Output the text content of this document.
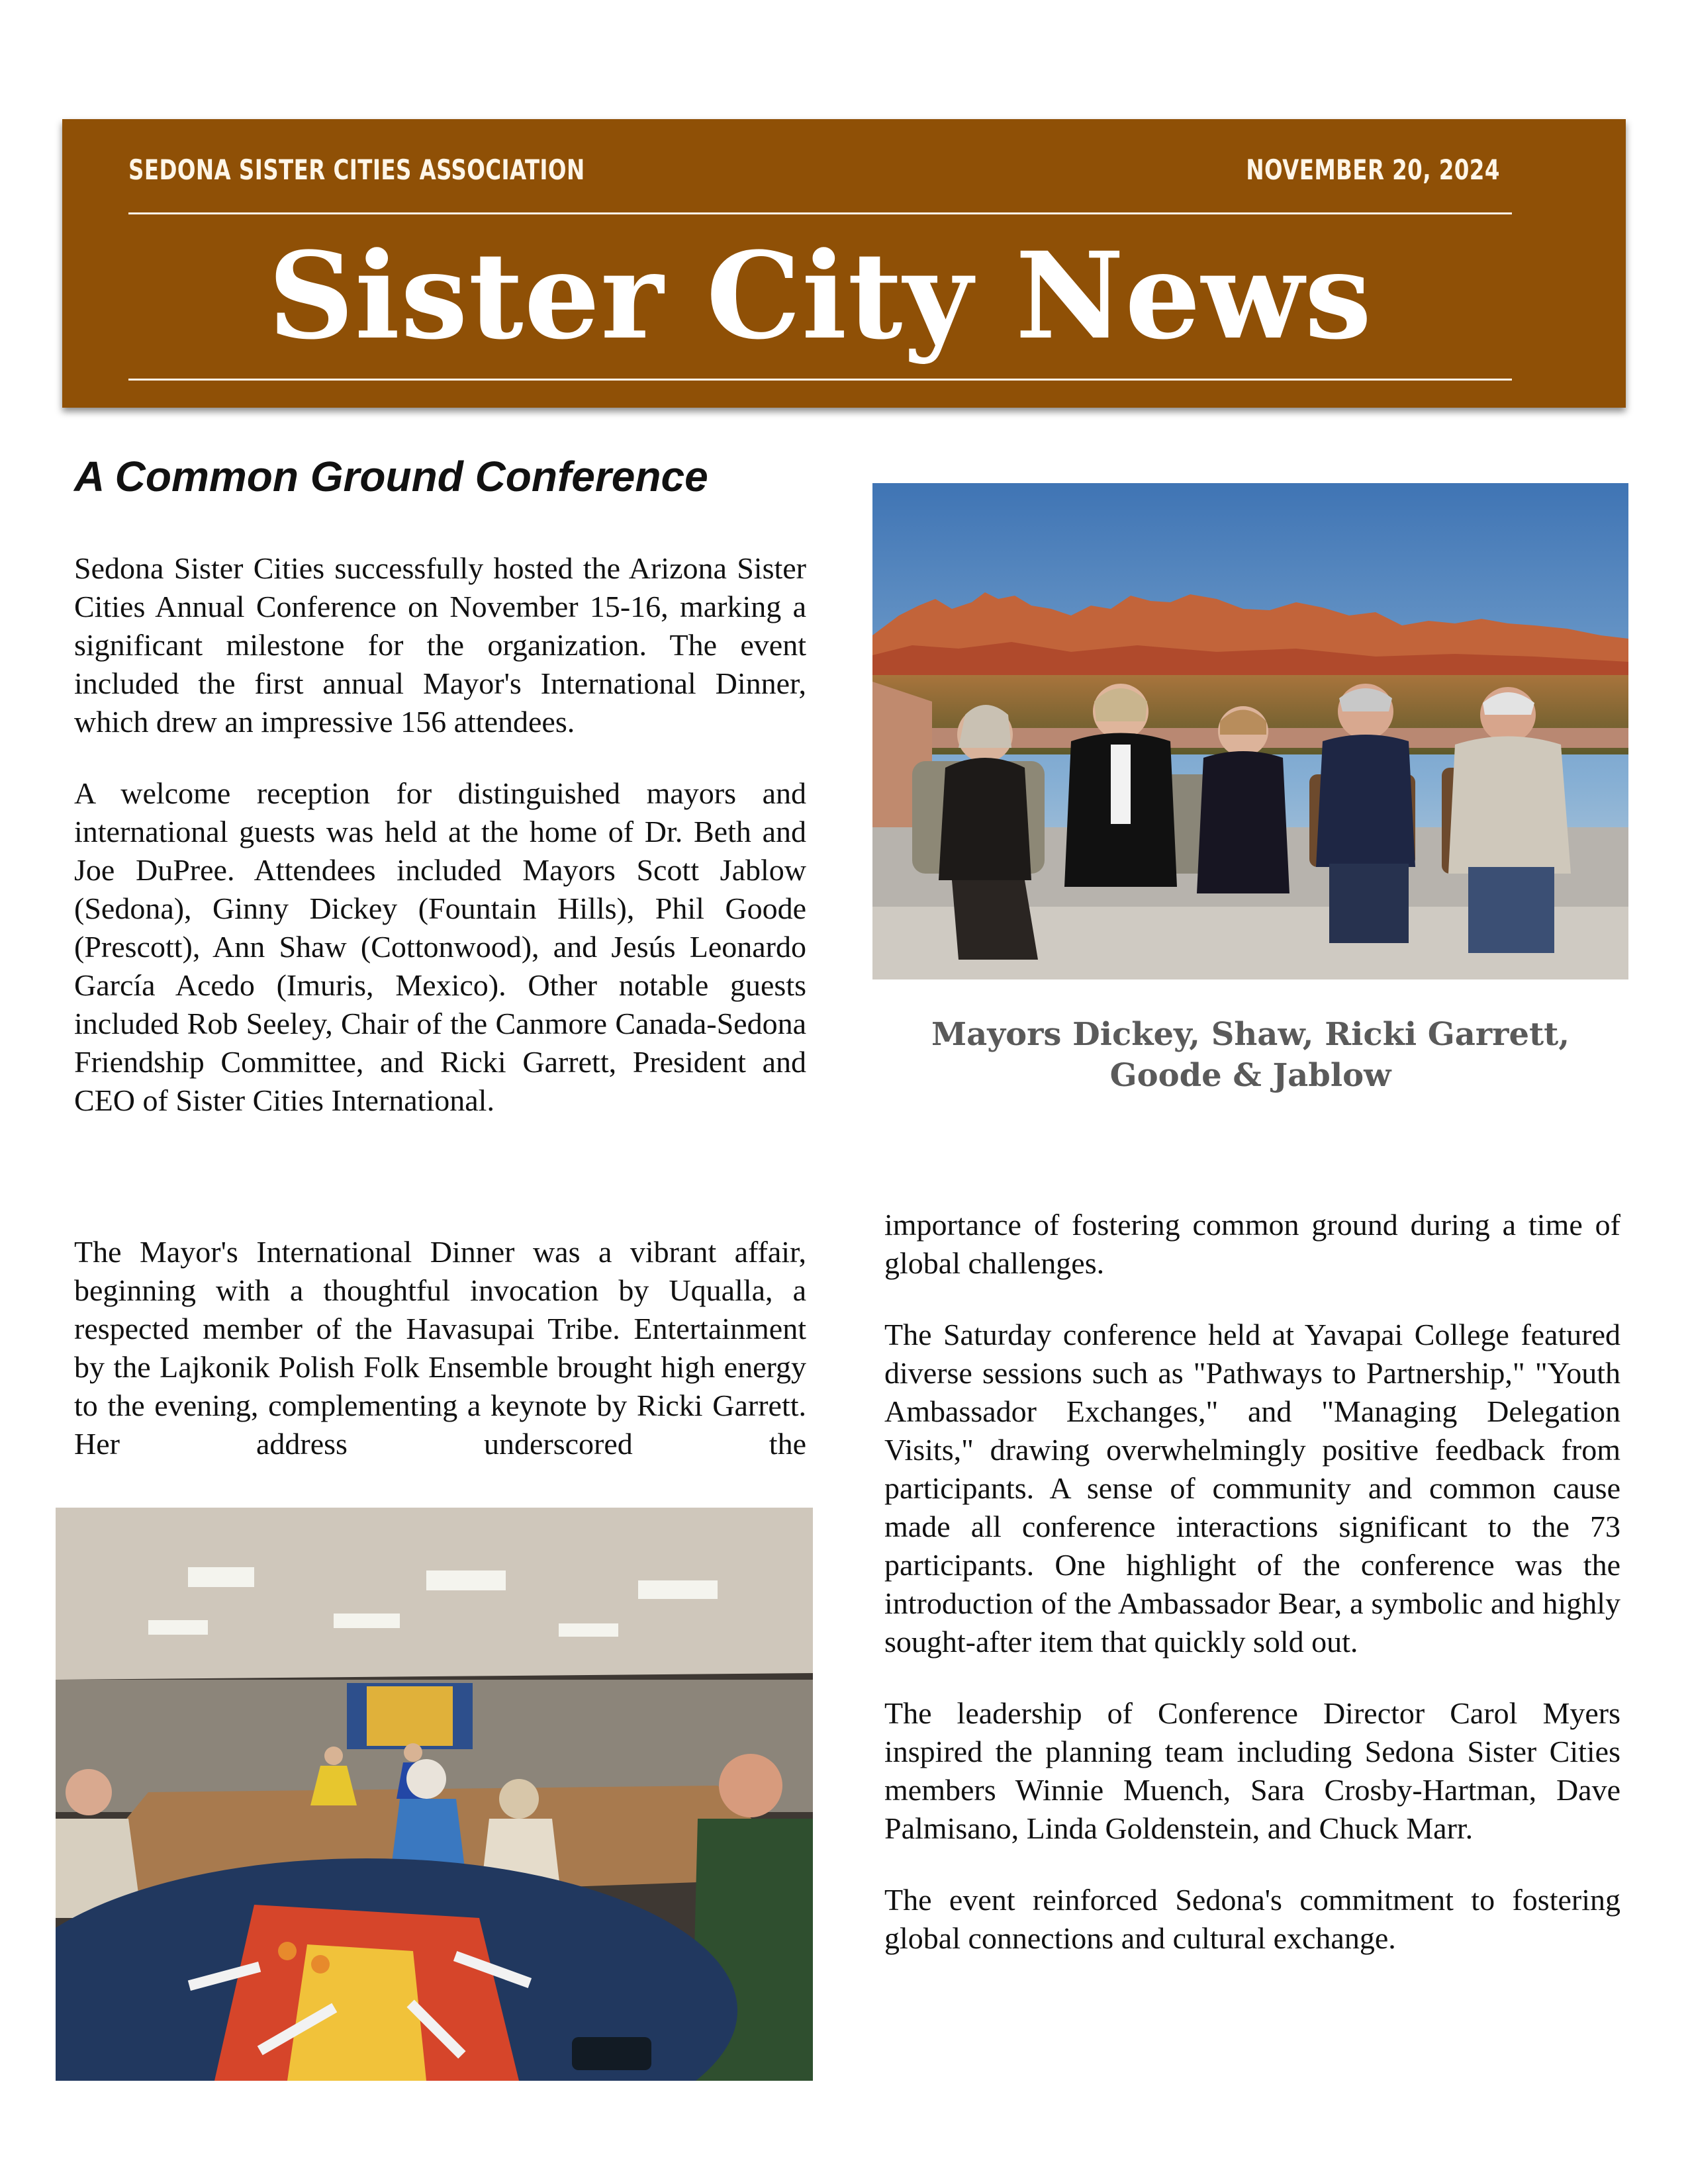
SEDONA SISTER CITIES ASSOCIATION	NOVEMBER 20, 2024
Sister City News
A Common Ground Conference

Sedona Sister Cities successfully hosted the Arizona Sister Cities Annual Conference on November 15-16, marking a significant milestone for the organization. The event included the first annual Mayor's International Dinner, which drew an impressive 156 attendees.

A welcome reception for distinguished mayors and international guests was held at the home of Dr. Beth and Joe DuPree. Attendees included Mayors Scott Jablow (Sedona), Ginny Dickey (Fountain Hills), Phil Goode (Prescott), Ann Shaw (Cottonwood), and Jesús Leonardo García Acedo (Imuris, Mexico). Other notable guests included Rob Seeley, Chair of the Canmore Canada-Sedona Friendship Committee, and Ricki Garrett, President and CEO of Sister Cities International.

The Mayor's International Dinner was a vibrant affair, beginning with a thoughtful invocation by Uqualla, a respected member of the Havasupai Tribe. Entertainment by the Lajkonik Polish Folk Ensemble brought high energy to the evening, complementing a keynote by Ricki Garrett. Her address underscored the

Mayors Dickey, Shaw, Ricki Garrett, Goode & Jablow

importance of fostering common ground during a time of global challenges.

The Saturday conference held at Yavapai College featured diverse sessions such as "Pathways to Partnership," "Youth Ambassador Exchanges," and "Managing Delegation Visits," drawing overwhelmingly positive feedback from participants. A sense of community and common cause made all conference interactions significant to the 73 participants. One highlight of the conference was the introduction of the Ambassador Bear, a symbolic and highly sought-after item that quickly sold out.

The leadership of Conference Director Carol Myers inspired the planning team including Sedona Sister Cities members Winnie Muench, Sara Crosby-Hartman, Dave Palmisano, Linda Goldenstein, and Chuck Marr.

The event reinforced Sedona's commitment to fostering global connections and cultural exchange.
